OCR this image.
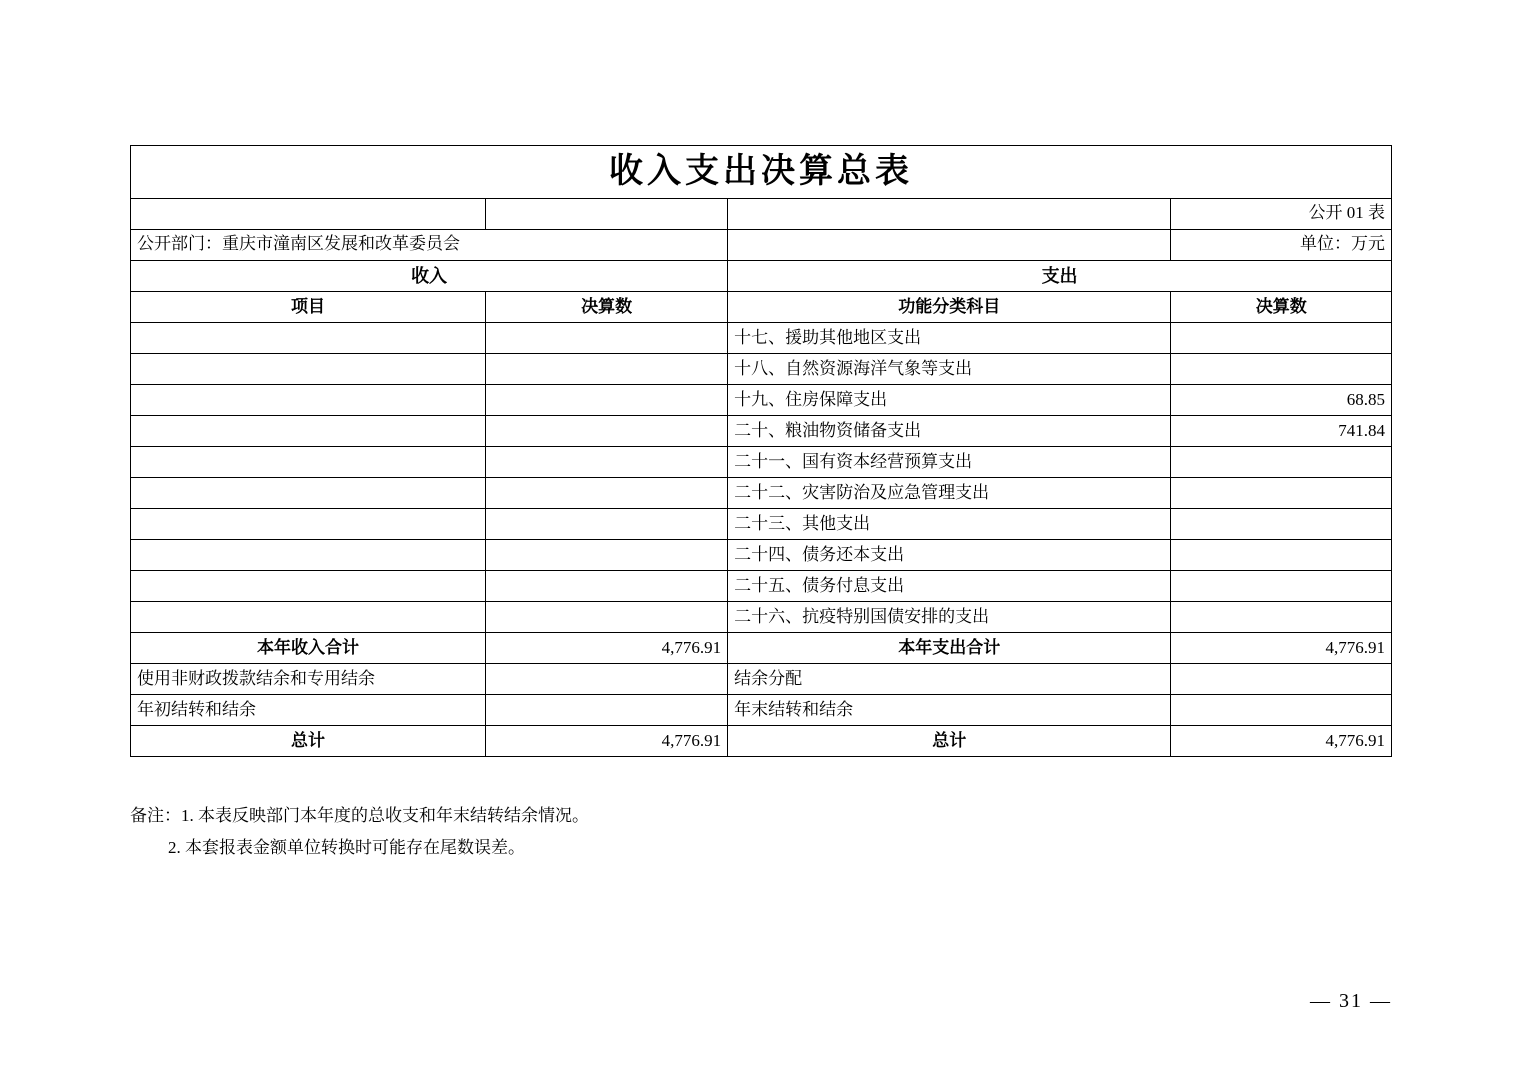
收入支出决算总表			
			公开 01 表
公开部门：重庆市潼南区发展和改革委员会			单位：万元
收入		支出	
项目	决算数	功能分类科目	决算数
		十七、援助其他地区支出	
		十八、自然资源海洋气象等支出	
		十九、住房保障支出	68.85
		二十、粮油物资储备支出	741.84
		二十一、国有资本经营预算支出	
		二十二、灾害防治及应急管理支出	
		二十三、其他支出	
		二十四、债务还本支出	
		二十五、债务付息支出	
		二十六、抗疫特别国债安排的支出	
本年收入合计	4,776.91	本年支出合计	4,776.91
使用非财政拨款结余和专用结余		结余分配	
年初结转和结余		年末结转和结余	
总计	4,776.91	总计	4,776.91
备注：1. 本表反映部门本年度的总收支和年末结转结余情况。
2. 本套报表金额单位转换时可能存在尾数误差。
— 31 —
